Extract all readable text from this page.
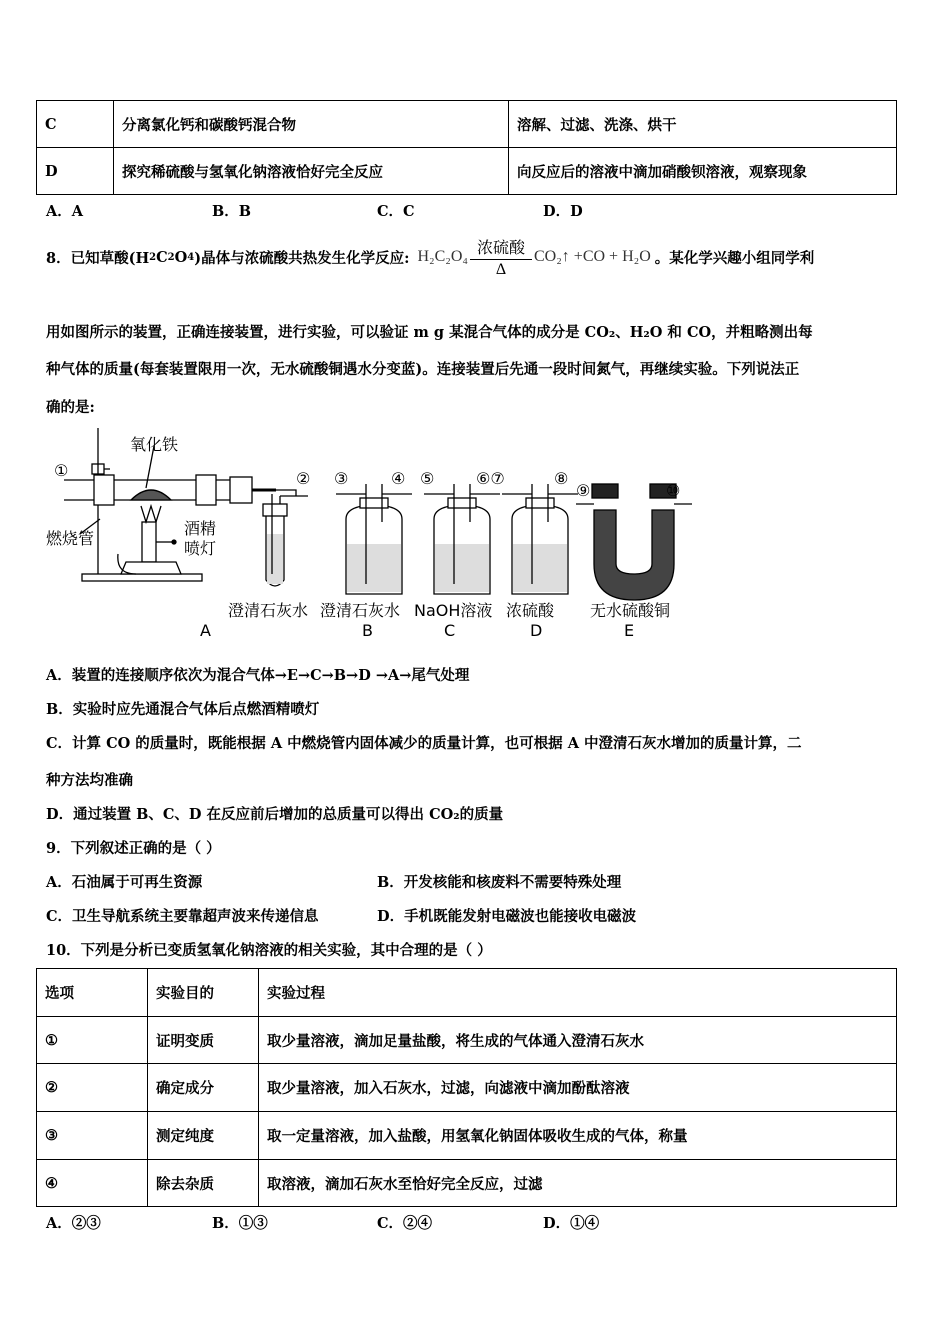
C	分离氯化钙和碳酸钙混合物	溶解、过滤、洗涤、烘干
D	探究稀硫酸与氢氧化钠溶液恰好完全反应	向反应后的溶液中滴加硝酸钡溶液，观察现象
A．A	B．B	C．C	D．D
8．已知草酸(H 2 C 2 O 4 )晶体与浓硫酸共热发生化学反应: $H_2C_2O_4 \frac{\text{浓硫酸}}{\Delta}$ CO₂↑ +CO + H₂O 。某化学兴趣小组同学利
用如图所示的装置，正确连接装置，进行实验，可以验证 m g 某混合气体的成分是 CO₂、H₂O 和 CO，并粗略测出每
种气体的质量(每套装置限用一次，无水硫酸铜遇水分变蓝)。连接装置后先通一段时间氮气，再继续实验。下列说法正
确的是:
①	② ③	④ ⑤	⑥⑦	⑧
⑨	⑩
氧化铁
燃烧管
酒精
喷灯
澄清石灰水 澄清石灰水 NaOH溶液 浓硫酸 无水硫酸铜
A	B	C	D	E
A．装置的连接顺序依次为混合气体→E→C→B→D →A→尾气处理
B．实验时应先通混合气体后点燃酒精喷灯
C．计算 CO 的质量时，既能根据 A 中燃烧管内固体减少的质量计算，也可根据 A 中澄清石灰水增加的质量计算，二
种方法均准确
D．通过装置 B、C、D 在反应前后增加的总质量可以得出 CO₂的质量
9．下列叙述正确的是（ ）
A．石油属于可再生资源	B．开发核能和核废料不需要特殊处理
C．卫生导航系统主要靠超声波来传递信息	D．手机既能发射电磁波也能接收电磁波
10．下列是分析已变质氢氧化钠溶液的相关实验，其中合理的是（ ）
选项	实验目的	实验过程
①	证明变质	取少量溶液，滴加足量盐酸，将生成的气体通入澄清石灰水
②	确定成分	取少量溶液，加入石灰水，过滤，向滤液中滴加酚酞溶液
③	测定纯度	取一定量溶液，加入盐酸，用氢氧化钠固体吸收生成的气体，称量
④	除去杂质	取溶液，滴加石灰水至恰好完全反应，过滤
A．②③	B．①③	C．②④	D．①④
